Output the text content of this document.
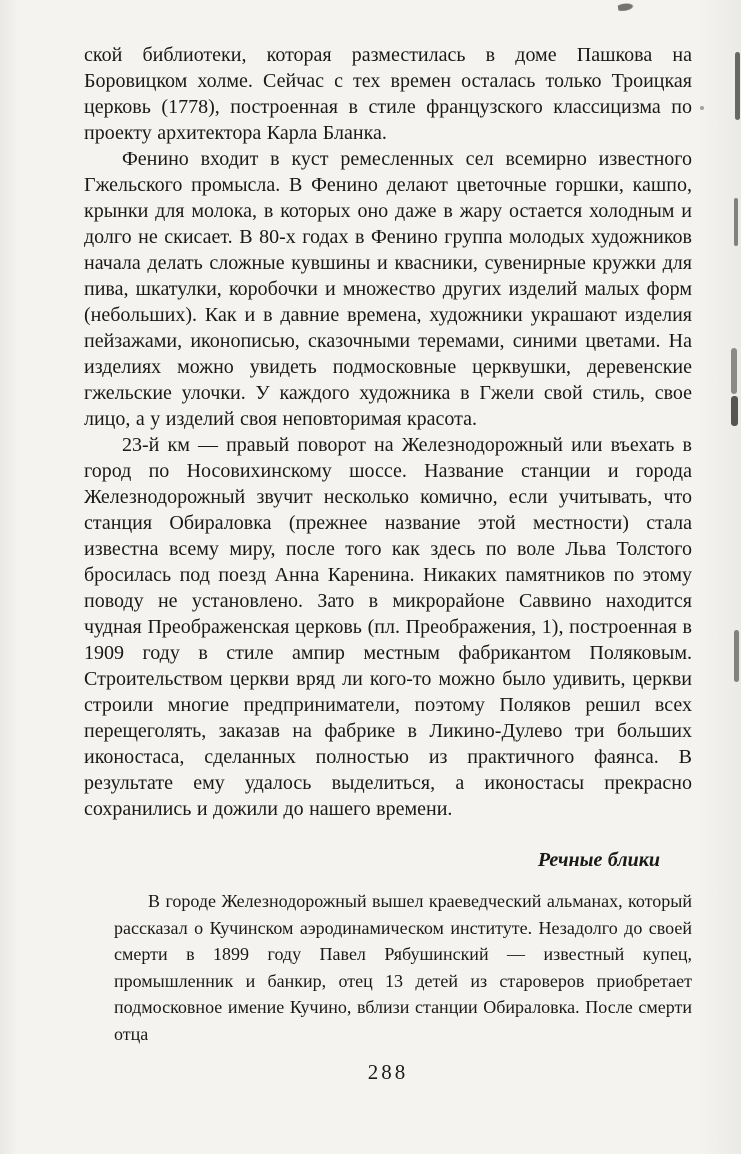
ской библиотеки, которая разместилась в доме Пашкова на Боровицком холме. Сейчас с тех времен осталась только Троицкая церковь (1778), построенная в стиле французского классицизма по проекту архитектора Карла Бланка.

Фенино входит в куст ремесленных сел всемирно известного Гжельского промысла. В Фенино делают цветочные горшки, кашпо, крынки для молока, в которых оно даже в жару остается холодным и долго не скисает. В 80-х годах в Фенино группа молодых художников начала делать сложные кувшины и квасники, сувенирные кружки для пива, шкатулки, коробочки и множество других изделий малых форм (небольших). Как и в давние времена, художники украшают изделия пейзажами, иконописью, сказочными теремами, синими цветами. На изделиях можно увидеть подмосковные церквушки, деревенские гжельские улочки. У каждого художника в Гжели свой стиль, свое лицо, а у изделий своя неповторимая красота.

23-й км — правый поворот на Железнодорожный или въехать в город по Носовихинскому шоссе. Название станции и города Железнодорожный звучит несколько комично, если учитывать, что станция Обираловка (прежнее название этой местности) стала известна всему миру, после того как здесь по воле Льва Толстого бросилась под поезд Анна Каренина. Никаких памятников по этому поводу не установлено. Зато в микрорайоне Саввино находится чудная Преображенская церковь (пл. Преображения, 1), построенная в 1909 году в стиле ампир местным фабрикантом Поляковым. Строительством церкви вряд ли кого-то можно было удивить, церкви строили многие предприниматели, поэтому Поляков решил всех перещеголять, заказав на фабрике в Ликино-Дулево три больших иконостаса, сделанных полностью из практичного фаянса. В результате ему удалось выделиться, а иконостасы прекрасно сохранились и дожили до нашего времени.

Речные блики

В городе Железнодорожный вышел краеведческий альманах, который рассказал о Кучинском аэродинамическом институте. Незадолго до своей смерти в 1899 году Павел Рябушинский — известный купец, промышленник и банкир, отец 13 детей из староверов приобретает подмосковное имение Кучино, вблизи станции Обираловка. После смерти отца

288
